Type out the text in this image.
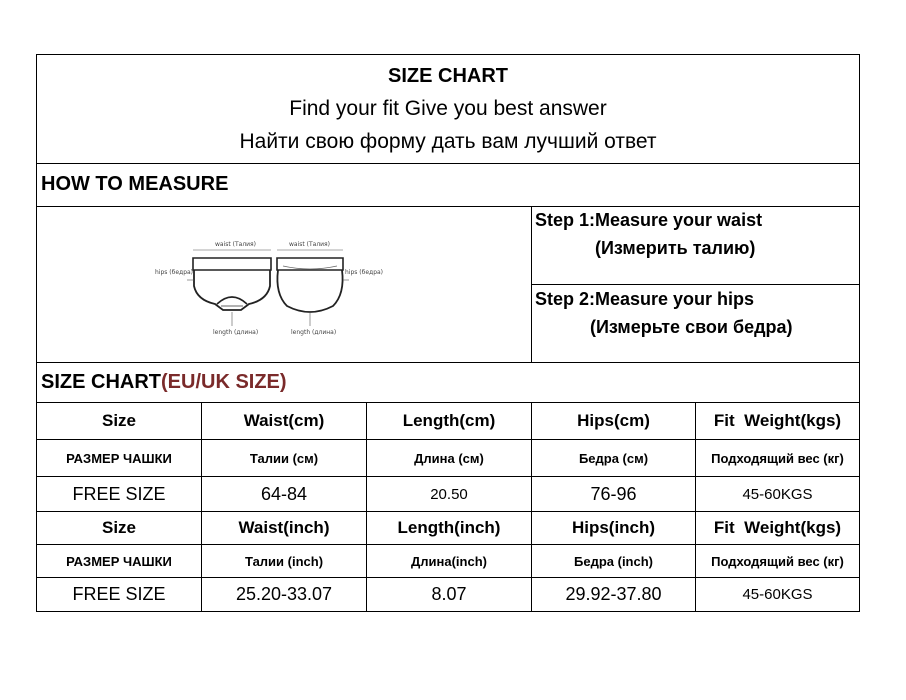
SIZE CHART
Find your fit Give you best answer
Найти свою форму дать вам лучший ответ
HOW TO MEASURE
waist (Талия)
hips (бедра)
length (длина)
waist (Талия)
hips (бедра)
length (длина)
Step 1:Measure your waist
(Измерить талию)
Step 2:Measure your hips
(Измерьте свои бедра)
SIZE CHART(EU/UK SIZE)
Size	Waist(cm)	Length(cm)	Hips(cm)	Fit  Weight(kgs)
РАЗМЕР ЧАШКИ	Талии (см)	Длина (см)	Бедра (см)	Подходящий вес (кг)
FREE SIZE	64-84	20.50	76-96	45-60KGS
Size	Waist(inch)	Length(inch)	Hips(inch)	Fit  Weight(kgs)
РАЗМЕР ЧАШКИ	Талии (inch)	Длина(inch)	Бедра (inch)	Подходящий вес (кг)
FREE SIZE	25.20-33.07	8.07	29.92-37.80	45-60KGS
